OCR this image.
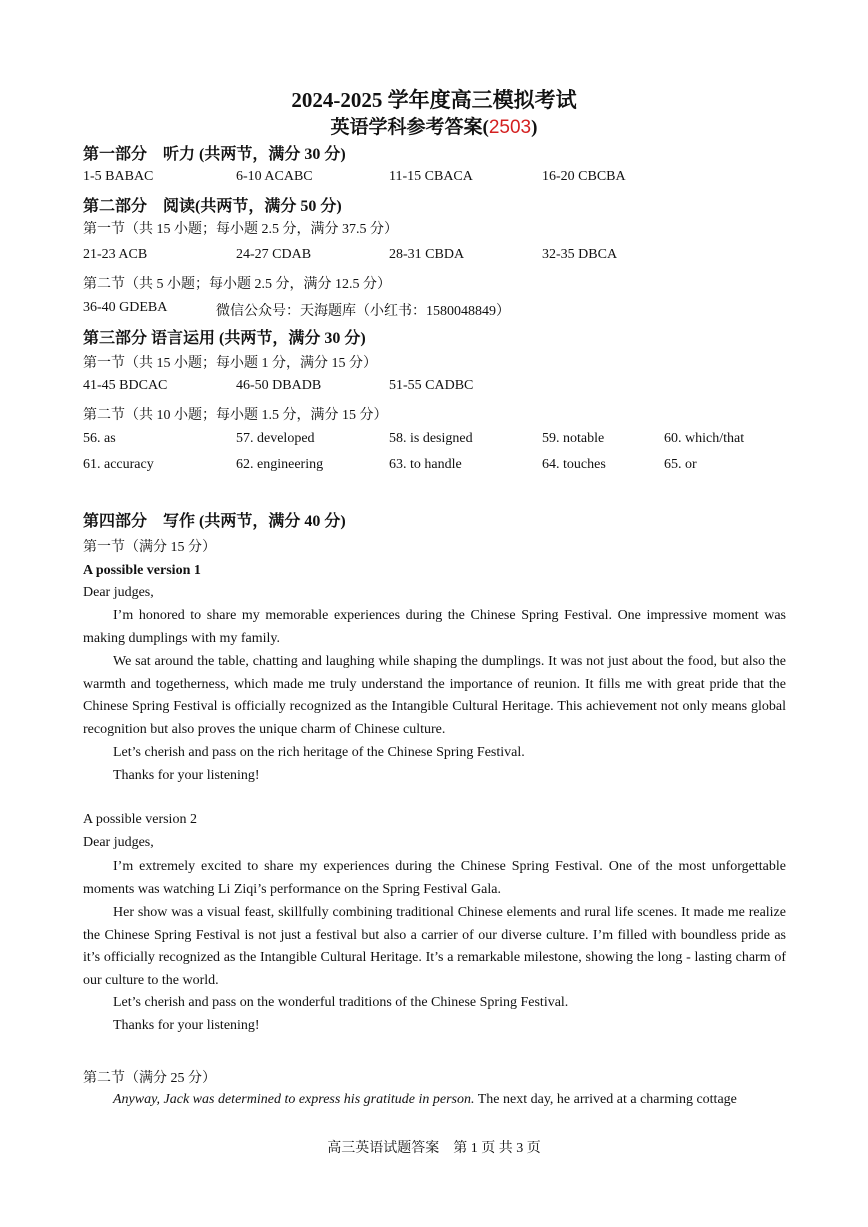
2024-2025 学年度高三模拟考试
英语学科参考答案(2503)
第一部分　听力 (共两节，满分 30 分)
1-5 BABAC	6-10 ACABC	11-15 CBACA	16-20 CBCBA
第二部分　阅读(共两节，满分 50 分)
第一节（共 15 小题；每小题 2.5 分，满分 37.5 分）
21-23 ACB	24-27 CDAB	28-31 CBDA	32-35 DBCA
第二节（共 5 小题；每小题 2.5 分，满分 12.5 分）
36-40 GDEBA	微信公众号：天海题库（小红书：1580048849）
第三部分 语言运用 (共两节，满分 30 分)
第一节（共 15 小题；每小题 1 分，满分 15 分）
41-45 BDCAC	46-50 DBADB	51-55 CADBC
第二节（共 10 小题；每小题 1.5 分，满分 15 分）
56. as	57. developed	58. is designed	59. notable	60. which/that
61. accuracy	62. engineering	63. to handle	64. touches	65. or
第四部分　写作 (共两节，满分 40 分)
第一节（满分 15 分）
A possible version 1
Dear judges,
I’m honored to share my memorable experiences during the Chinese Spring Festival. One impressive moment was making dumplings with my family.
We sat around the table, chatting and laughing while shaping the dumplings. It was not just about the food, but also the warmth and togetherness, which made me truly understand the importance of reunion. It fills me with great pride that the Chinese Spring Festival is officially recognized as the Intangible Cultural Heritage. This achievement not only means global recognition but also proves the unique charm of Chinese culture.
Let’s cherish and pass on the rich heritage of the Chinese Spring Festival.
Thanks for your listening!
A possible version 2
Dear judges,
I’m extremely excited to share my experiences during the Chinese Spring Festival. One of the most unforgettable moments was watching Li Ziqi’s performance on the Spring Festival Gala.
Her show was a visual feast, skillfully combining traditional Chinese elements and rural life scenes. It made me realize the Chinese Spring Festival is not just a festival but also a carrier of our diverse culture. I’m filled with boundless pride as it’s officially recognized as the Intangible Cultural Heritage. It’s a remarkable milestone, showing the long - lasting charm of our culture to the world.
Let’s cherish and pass on the wonderful traditions of the Chinese Spring Festival.
Thanks for your listening!
第二节（满分 25 分）
Anyway, Jack was determined to express his gratitude in person. The next day, he arrived at a charming cottage
高三英语试题答案　第 1 页 共 3 页
